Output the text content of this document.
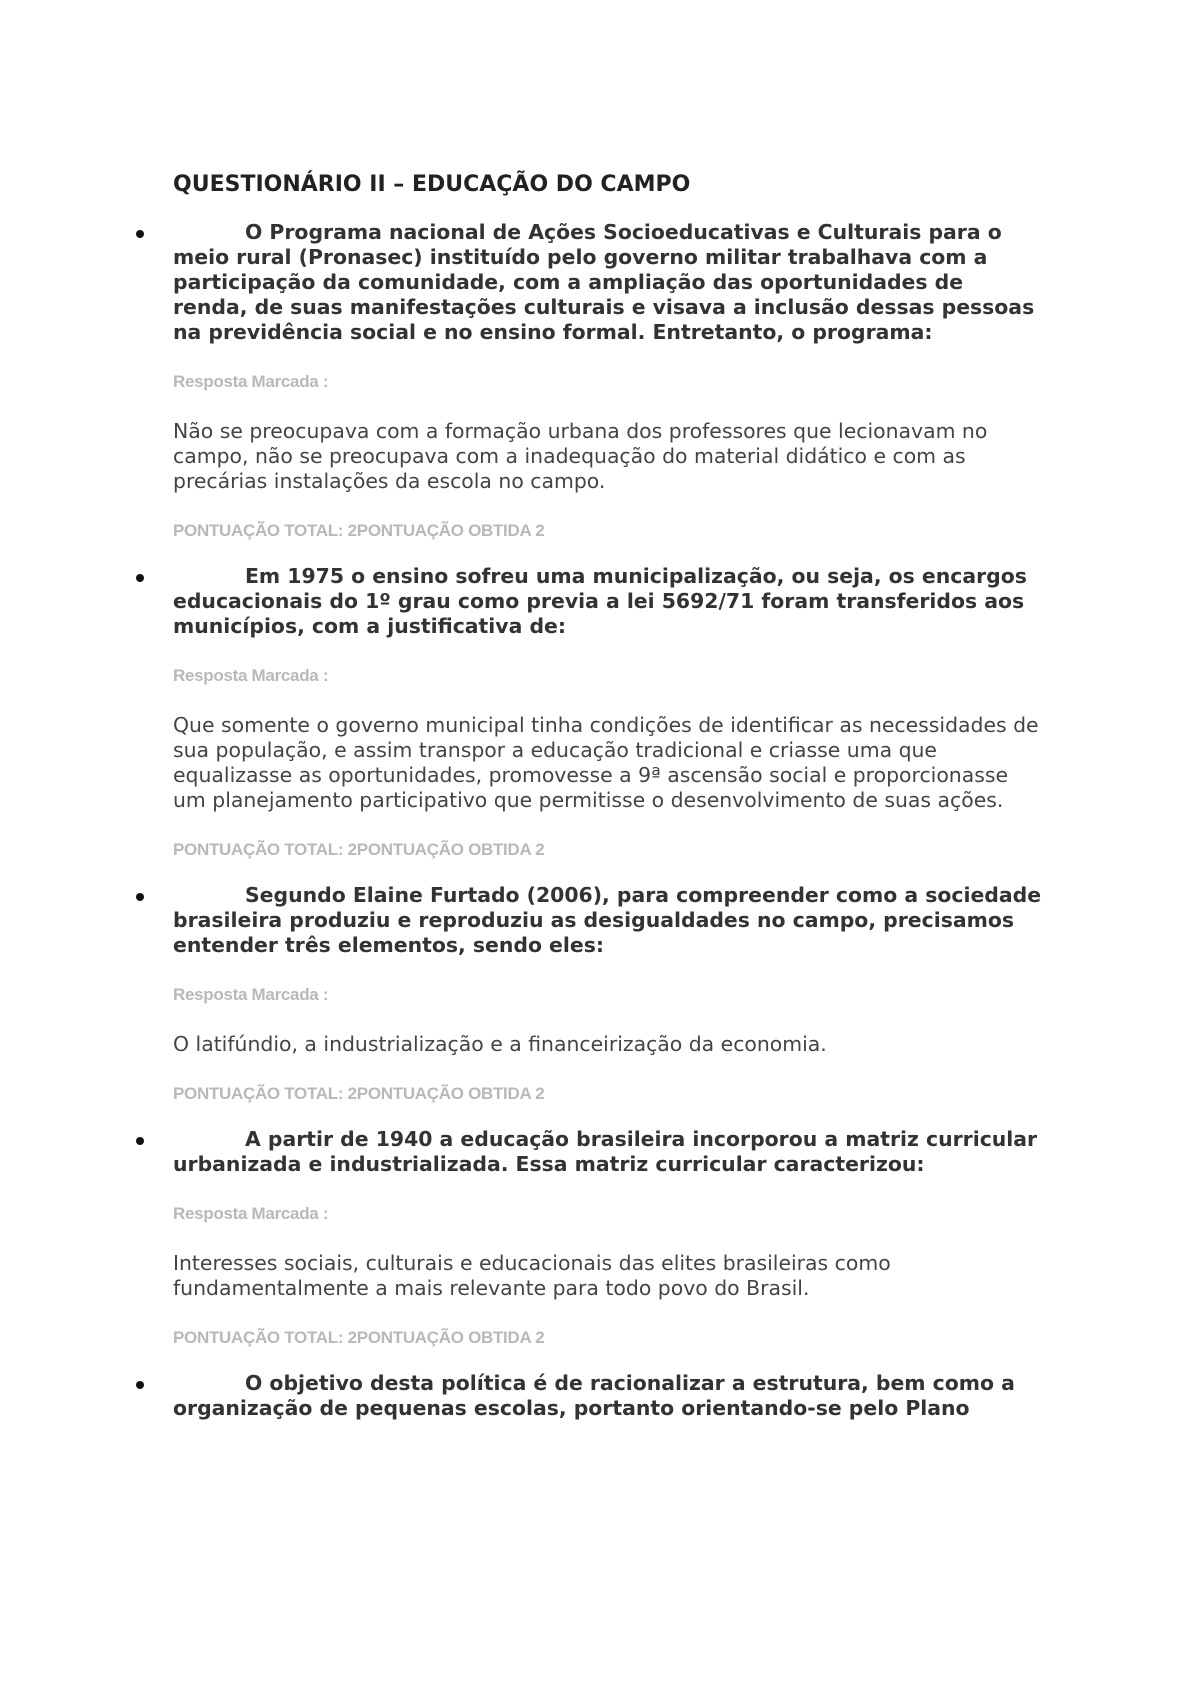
QUESTIONÁRIO II – EDUCAÇÃO DO CAMPO

O Programa nacional de Ações Socioeducativas e Culturais para o meio rural (Pronasec) instituído pelo governo militar trabalhava com a participação da comunidade, com a ampliação das oportunidades de renda, de suas manifestações culturais e visava a inclusão dessas pessoas na previdência social e no ensino formal. Entretanto, o programa:

Resposta Marcada :

Não se preocupava com a formação urbana dos professores que lecionavam no campo, não se preocupava com a inadequação do material didático e com as precárias instalações da escola no campo.

PONTUAÇÃO TOTAL: 2PONTUAÇÃO OBTIDA 2

Em 1975 o ensino sofreu uma municipalização, ou seja, os encargos educacionais do 1º grau como previa a lei 5692/71 foram transferidos aos municípios, com a justificativa de:

Resposta Marcada :

Que somente o governo municipal tinha condições de identificar as necessidades de sua população, e assim transpor a educação tradicional e criasse uma que equalizasse as oportunidades, promovesse a 9ª ascensão social e proporcionasse um planejamento participativo que permitisse o desenvolvimento de suas ações.

PONTUAÇÃO TOTAL: 2PONTUAÇÃO OBTIDA 2

Segundo Elaine Furtado (2006), para compreender como a sociedade brasileira produziu e reproduziu as desigualdades no campo, precisamos entender três elementos, sendo eles:

Resposta Marcada :

O latifúndio, a industrialização e a financeirização da economia.

PONTUAÇÃO TOTAL: 2PONTUAÇÃO OBTIDA 2

A partir de 1940 a educação brasileira incorporou a matriz curricular urbanizada e industrializada. Essa matriz curricular caracterizou:

Resposta Marcada :

Interesses sociais, culturais e educacionais das elites brasileiras como fundamentalmente a mais relevante para todo povo do Brasil.

PONTUAÇÃO TOTAL: 2PONTUAÇÃO OBTIDA 2

O objetivo desta política é de racionalizar a estrutura, bem como a organização de pequenas escolas, portanto orientando-se pelo Plano
